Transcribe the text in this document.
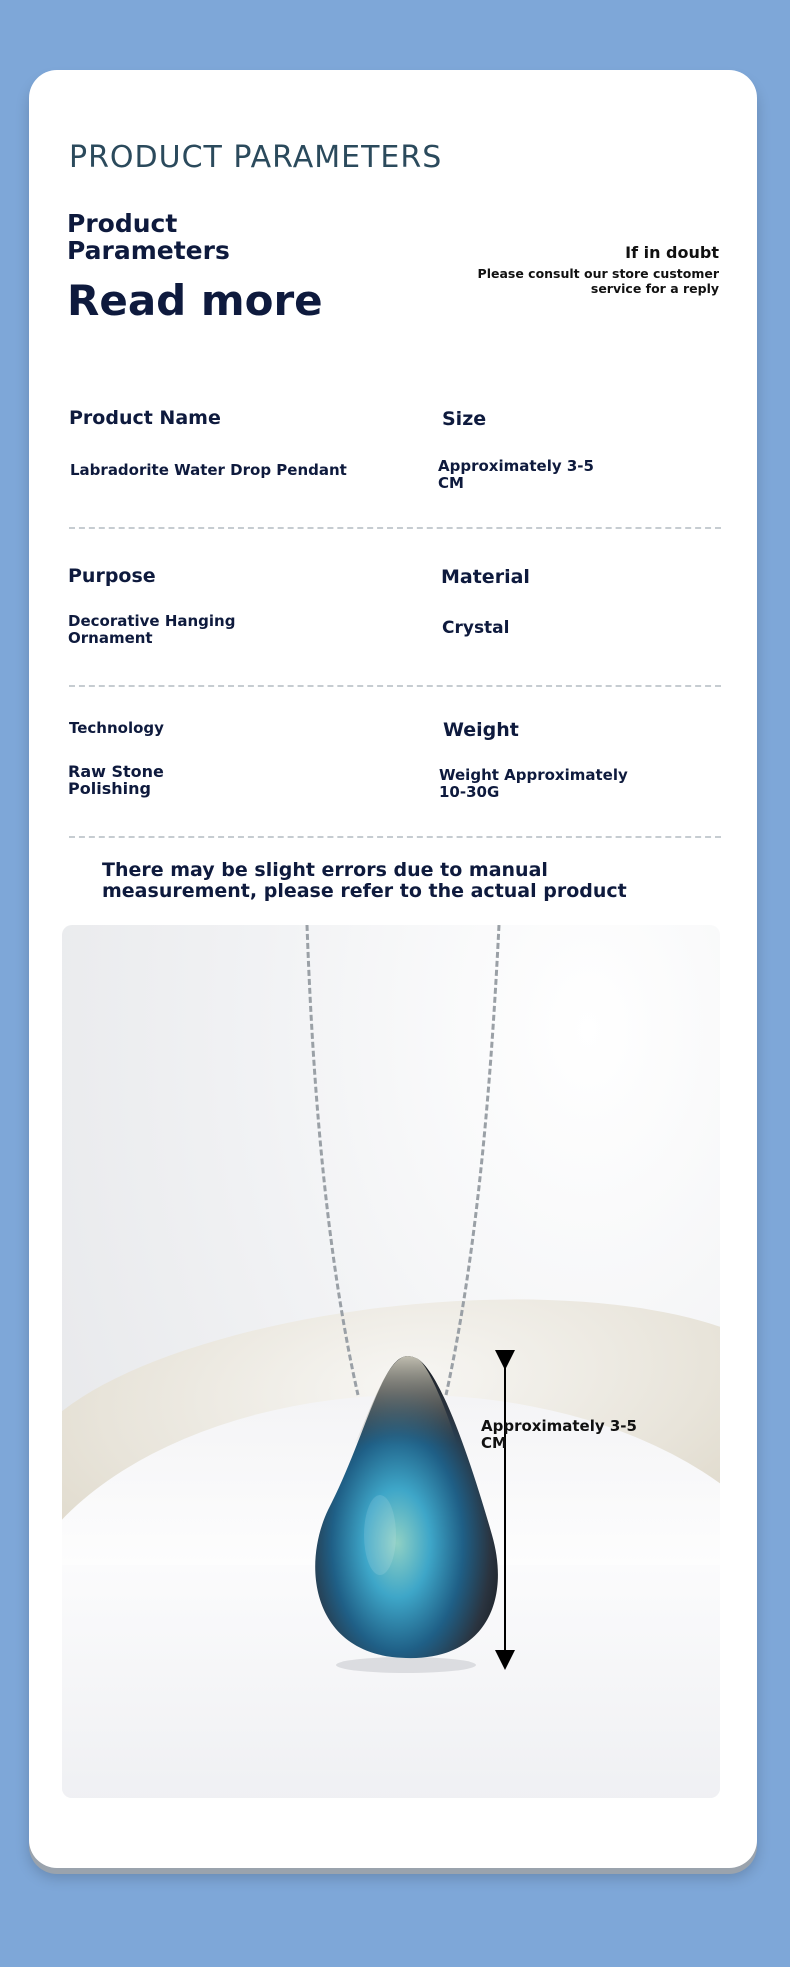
PRODUCT PARAMETERS
Product Parameters
Read more
If in doubt
Please consult our store customer service for a reply
Product Name
Labradorite Water Drop Pendant
Size
Approximately 3-5 CM
Purpose
Decorative Hanging Ornament
Material
Crystal
Technology
Raw Stone Polishing
Weight
Weight Approximately 10-30G
There may be slight errors due to manual measurement, please refer to the actual product
Approximately 3-5 CM
